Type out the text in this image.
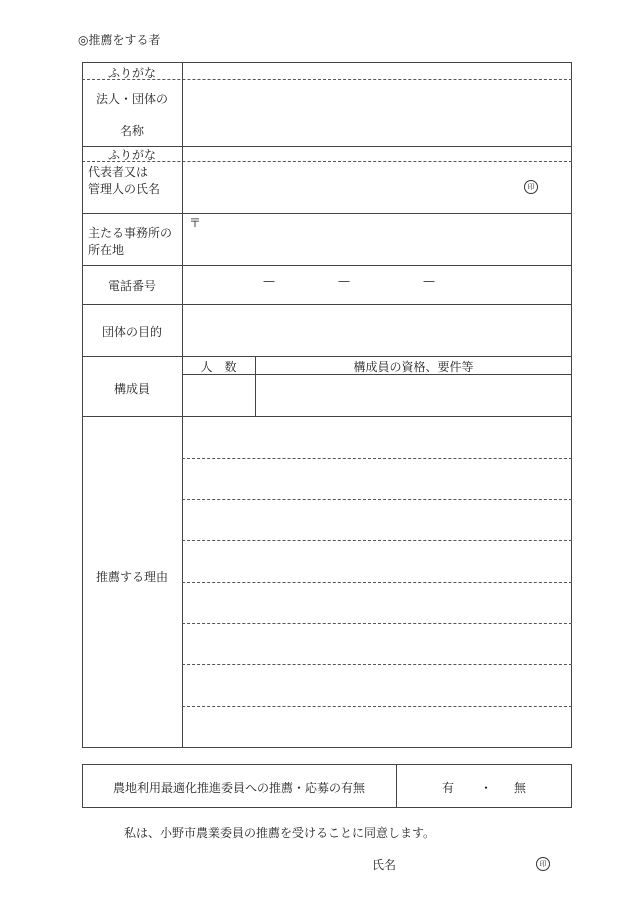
◎推薦をする者
ふりがな
法人・団体の
名称
ふりがな
代表者又は
管理人の氏名	印
主たる事務所の
所在地
〒
電話番号	—	—	—
団体の目的
構成員
人　数	構成員の資格、要件等
推薦する理由
農地利用最適化推進委員への推薦・応募の有無	有 ・ 無
私は、小野市農業委員の推薦を受けることに同意します。
氏名	印
